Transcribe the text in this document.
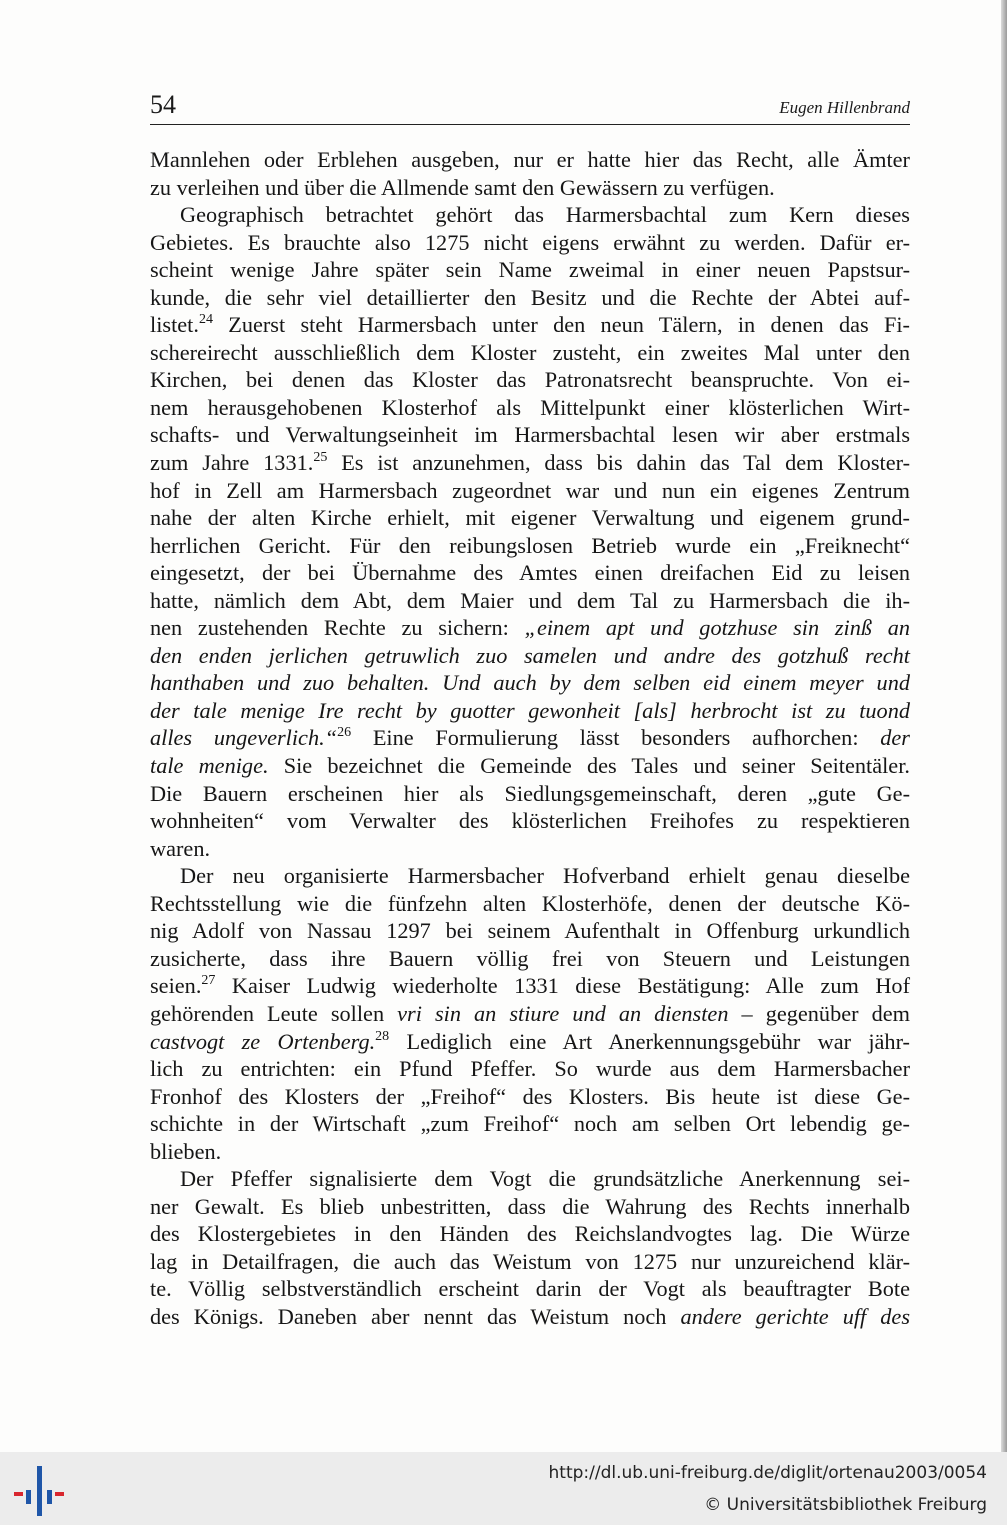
54	Eugen Hillenbrand
Mannlehen oder Erblehen ausgeben, nur er hatte hier das Recht, alle Ämter
zu verleihen und über die Allmende samt den Gewässern zu verfügen.
Geographisch betrachtet gehört das Harmersbachtal zum Kern dieses
Gebietes. Es brauchte also 1275 nicht eigens erwähnt zu werden. Dafür er-
scheint wenige Jahre später sein Name zweimal in einer neuen Papstsur-
kunde, die sehr viel detaillierter den Besitz und die Rechte der Abtei auf-
listet.$^{24}$ Zuerst steht Harmersbach unter den neun Tälern, in denen das Fi-
schereirecht ausschließlich dem Kloster zusteht, ein zweites Mal unter den
Kirchen, bei denen das Kloster das Patronatsrecht beanspruchte. Von ei-
nem herausgehobenen Klosterhof als Mittelpunkt einer klösterlichen Wirt-
schafts- und Verwaltungseinheit im Harmersbachtal lesen wir aber erstmals
zum Jahre 1331.25 Es ist anzunehmen, dass bis dahin das Tal dem Kloster-
hof in Zell am Harmersbach zugeordnet war und nun ein eigenes Zentrum
nahe der alten Kirche erhielt, mit eigener Verwaltung und eigenem grund-
herrlichen Gericht. Für den reibungslosen Betrieb wurde ein „Freiknecht“
eingesetzt, der bei Übernahme des Amtes einen dreifachen Eid zu leisen
hatte, nämlich dem Abt, dem Maier und dem Tal zu Harmersbach die ih-
nen zustehenden Rechte zu sichern: „einem apt und gotzhuse sin zinß an
den enden jerlichen getruwlich zuo samelen und andre des gotzhuß recht
hanthaben und zuo behalten. Und auch by dem selben eid einem meyer und
der tale menige Ire recht by guotter gewonheit [als] herbrocht ist zu tuond
alles ungeverlich.“$^{26}$ Eine Formulierung lässt besonders aufhorchen: der
tale menige. Sie bezeichnet die Gemeinde des Tales und seiner Seitentäler.
Die Bauern erscheinen hier als Siedlungsgemeinschaft, deren „gute Ge-
wohnheiten“ vom Verwalter des klösterlichen Freihofes zu respektieren
waren.
Der neu organisierte Harmersbacher Hofverband erhielt genau dieselbe
Rechtsstellung wie die fünfzehn alten Klosterhöfe, denen der deutsche Kö-
nig Adolf von Nassau 1297 bei seinem Aufenthalt in Offenburg urkundlich
zusicherte, dass ihre Bauern völlig frei von Steuern und Leistungen
seien.$^{27}$ Kaiser Ludwig wiederholte 1331 diese Bestätigung: Alle zum Hof
gehörenden Leute sollen vri sin an stiure und an diensten – gegenüber dem
castvogt ze Ortenberg.$^{28}$ Lediglich eine Art Anerkennungsgebühr war jähr-
lich zu entrichten: ein Pfund Pfeffer. So wurde aus dem Harmersbacher
Fronhof des Klosters der „Freihof“ des Klosters. Bis heute ist diese Ge-
schichte in der Wirtschaft „zum Freihof“ noch am selben Ort lebendig ge-
blieben.
Der Pfeffer signalisierte dem Vogt die grundsätzliche Anerkennung sei-
ner Gewalt. Es blieb unbestritten, dass die Wahrung des Rechts innerhalb
des Klostergebietes in den Händen des Reichslandvogtes lag. Die Würze
lag in Detailfragen, die auch das Weistum von 1275 nur unzureichend klär-
te. Völlig selbstverständlich erscheint darin der Vogt als beauftragter Bote
des Königs. Daneben aber nennt das Weistum noch andere gerichte uff des
http://dl.ub.uni-freiburg.de/diglit/ortenau2003/0054
© Universitätsbibliothek Freiburg
